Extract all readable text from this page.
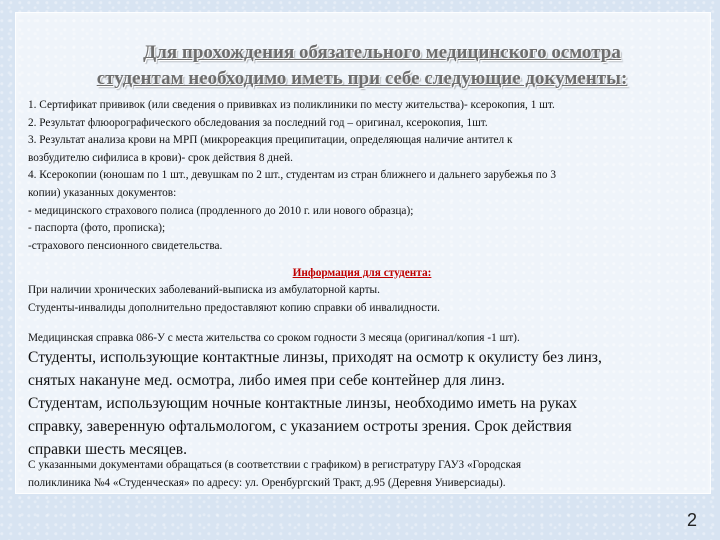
Для прохождения обязательного медицинского осмотра
студентам необходимо иметь при себе следующие документы:
1. Сертификат прививок (или сведения о прививках из поликлиники по месту жительства)- ксерокопия, 1 шт.
2. Результат флюорографического обследования за последний год – оригинал, ксерокопия, 1шт.
3. Результат анализа крови на МРП (микрореакция преципитации, определяющая наличие антител к
возбудителю сифилиса в крови)- срок действия 8 дней.
4. Ксерокопии (юношам по 1 шт., девушкам по 2 шт., студентам из стран ближнего и дальнего зарубежья по 3
копии) указанных документов:
- медицинского страхового полиса (продленного до 2010 г. или нового образца);
- паспорта (фото, прописка);
-страхового пенсионного свидетельства.
Информация для студента:
При наличии хронических заболеваний-выписка из амбулаторной карты.
Студенты-инвалиды дополнительно предоставляют копию справки об инвалидности.
Медицинская справка 086-У с места жительства со сроком годности 3 месяца (оригинал/копия -1 шт).
Студенты, использующие контактные линзы, приходят на осмотр к окулисту без линз,
снятых накануне мед. осмотра, либо имея при себе контейнер для линз.
Студентам, использующим ночные контактные линзы, необходимо иметь на руках
справку, заверенную офтальмологом, с указанием остроты зрения. Срок действия
справки шесть месяцев.
С указанными документами обращаться (в соответствии с графиком) в регистратуру ГАУЗ «Городская
поликлиника №4 «Студенческая» по адресу: ул. Оренбургский Тракт, д.95 (Деревня Универсиады).
2
